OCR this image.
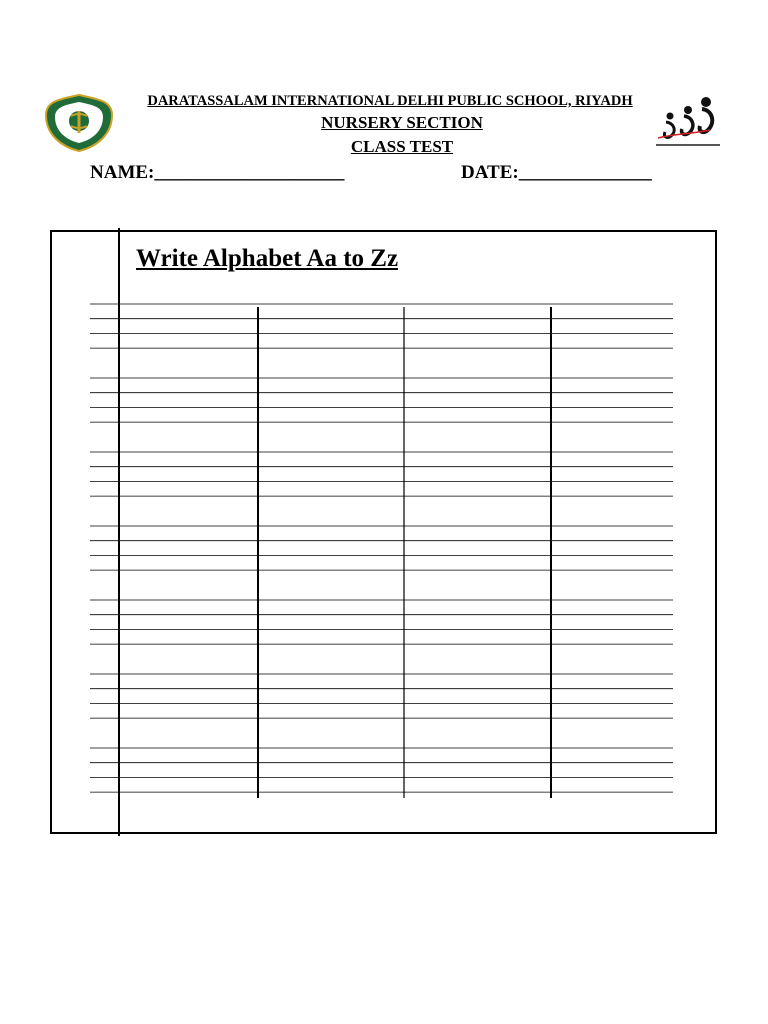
DARATASSALAM INTERNATIONAL DELHI PUBLIC SCHOOL, RIYADH
NURSERY SECTION
CLASS TEST
NAME:____________________	DATE:______________
Write Alphabet Aa to Zz
